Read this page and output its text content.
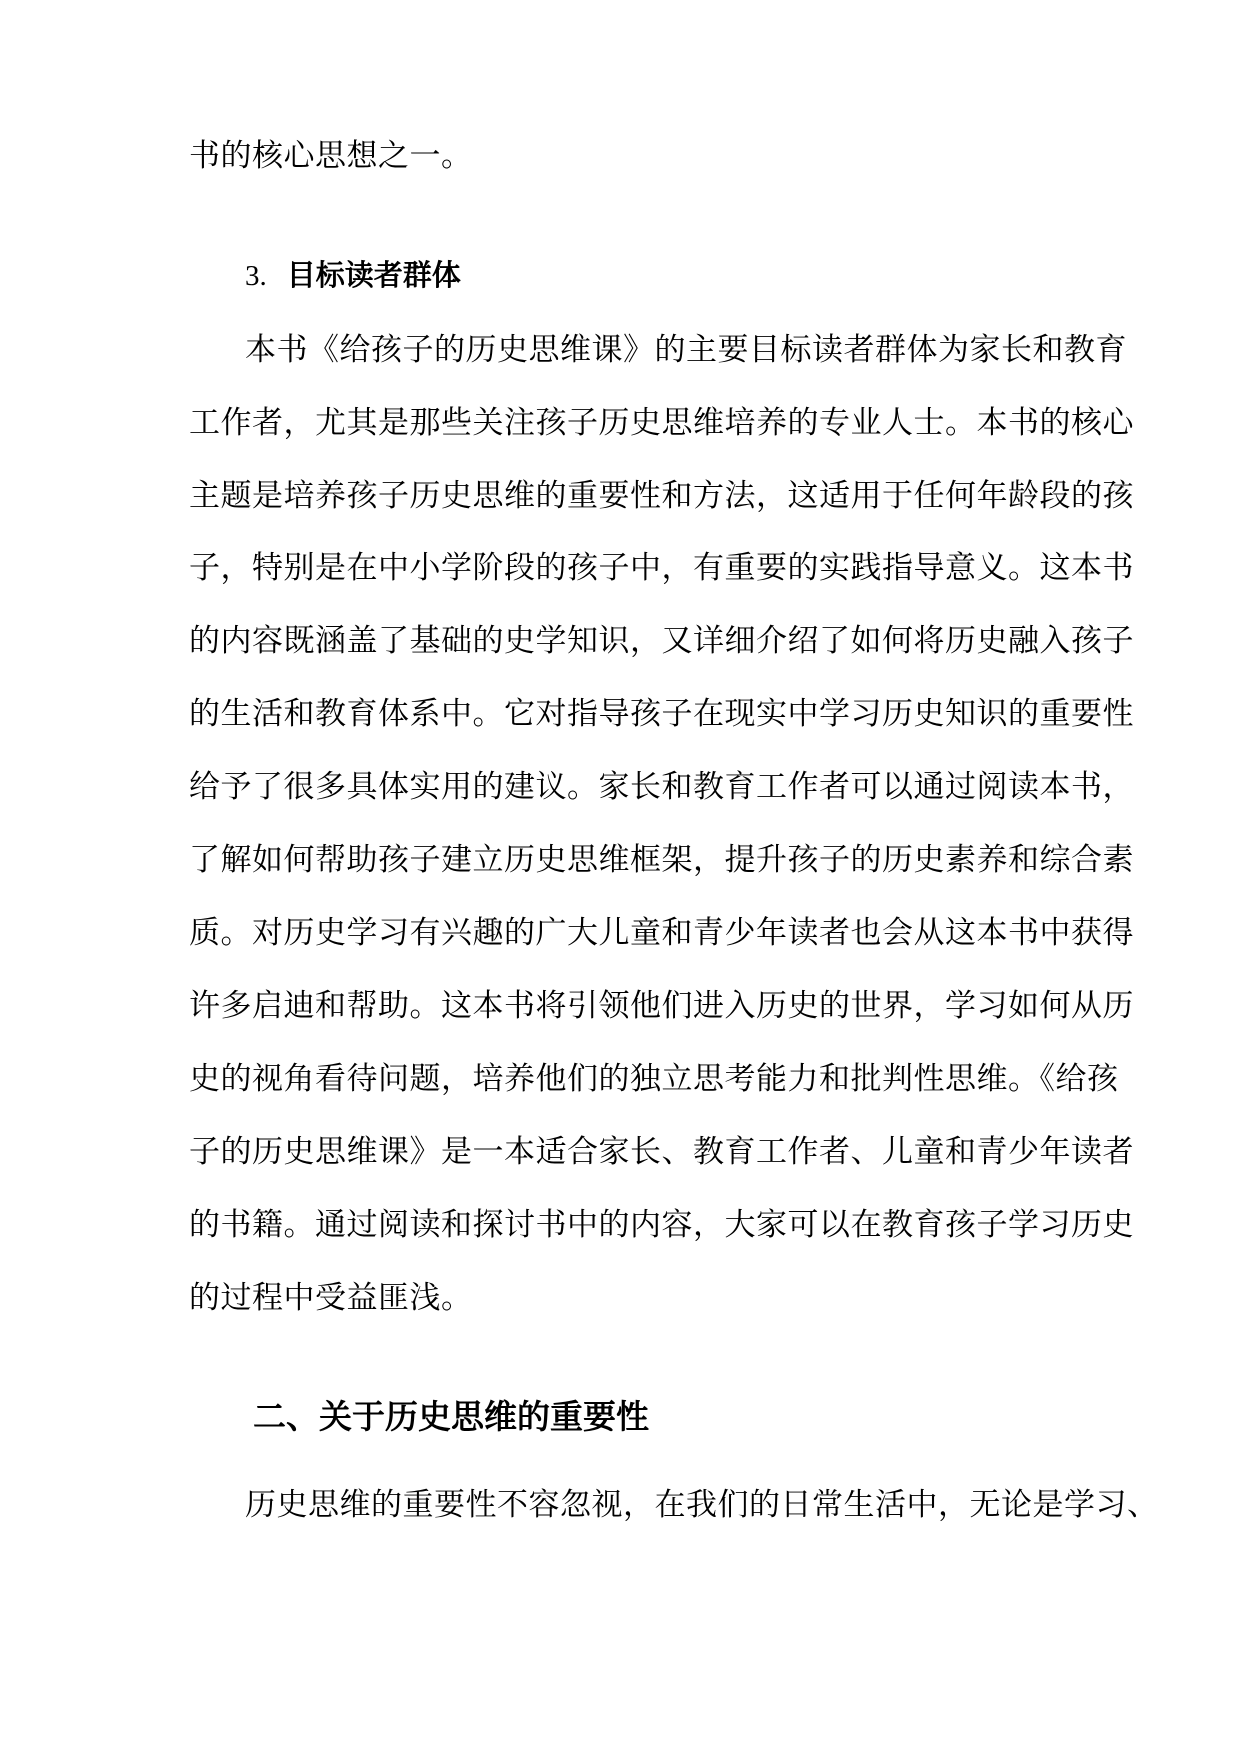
书的核心思想之一。
3. 目标读者群体
本书《给孩子的历史思维课》的主要目标读者群体为家长和教育
工作者，尤其是那些关注孩子历史思维培养的专业人士。本书的核心
主题是培养孩子历史思维的重要性和方法，这适用于任何年龄段的孩
子，特别是在中小学阶段的孩子中，有重要的实践指导意义。这本书
的内容既涵盖了基础的史学知识，又详细介绍了如何将历史融入孩子
的生活和教育体系中。它对指导孩子在现实中学习历史知识的重要性
给予了很多具体实用的建议。家长和教育工作者可以通过阅读本书，
了解如何帮助孩子建立历史思维框架，提升孩子的历史素养和综合素
质。对历史学习有兴趣的广大儿童和青少年读者也会从这本书中获得
许多启迪和帮助。这本书将引领他们进入历史的世界，学习如何从历
史的视角看待问题，培养他们的独立思考能力和批判性思维。《给孩
子的历史思维课》是一本适合家长、教育工作者、儿童和青少年读者
的书籍。通过阅读和探讨书中的内容，大家可以在教育孩子学习历史
的过程中受益匪浅。
二、关于历史思维的重要性
历史思维的重要性不容忽视，在我们的日常生活中，无论是学习、
